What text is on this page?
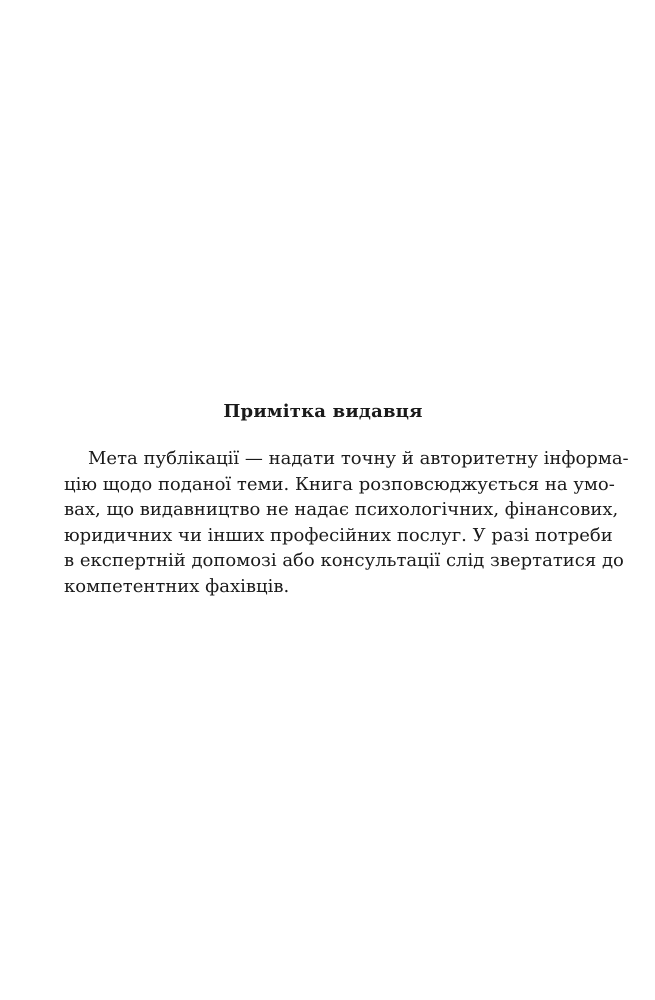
Примітка видавця
Мета публікації — надати точну й авторитетну інформа-
цію щодо поданої теми. Книга розповсюджується на умо-
вах, що видавництво не надає психологічних, фінансових,
юридичних чи інших професійних послуг. У разі потреби
в експертній допомозі або консультації слід звертатися до
компетентних фахівців.
